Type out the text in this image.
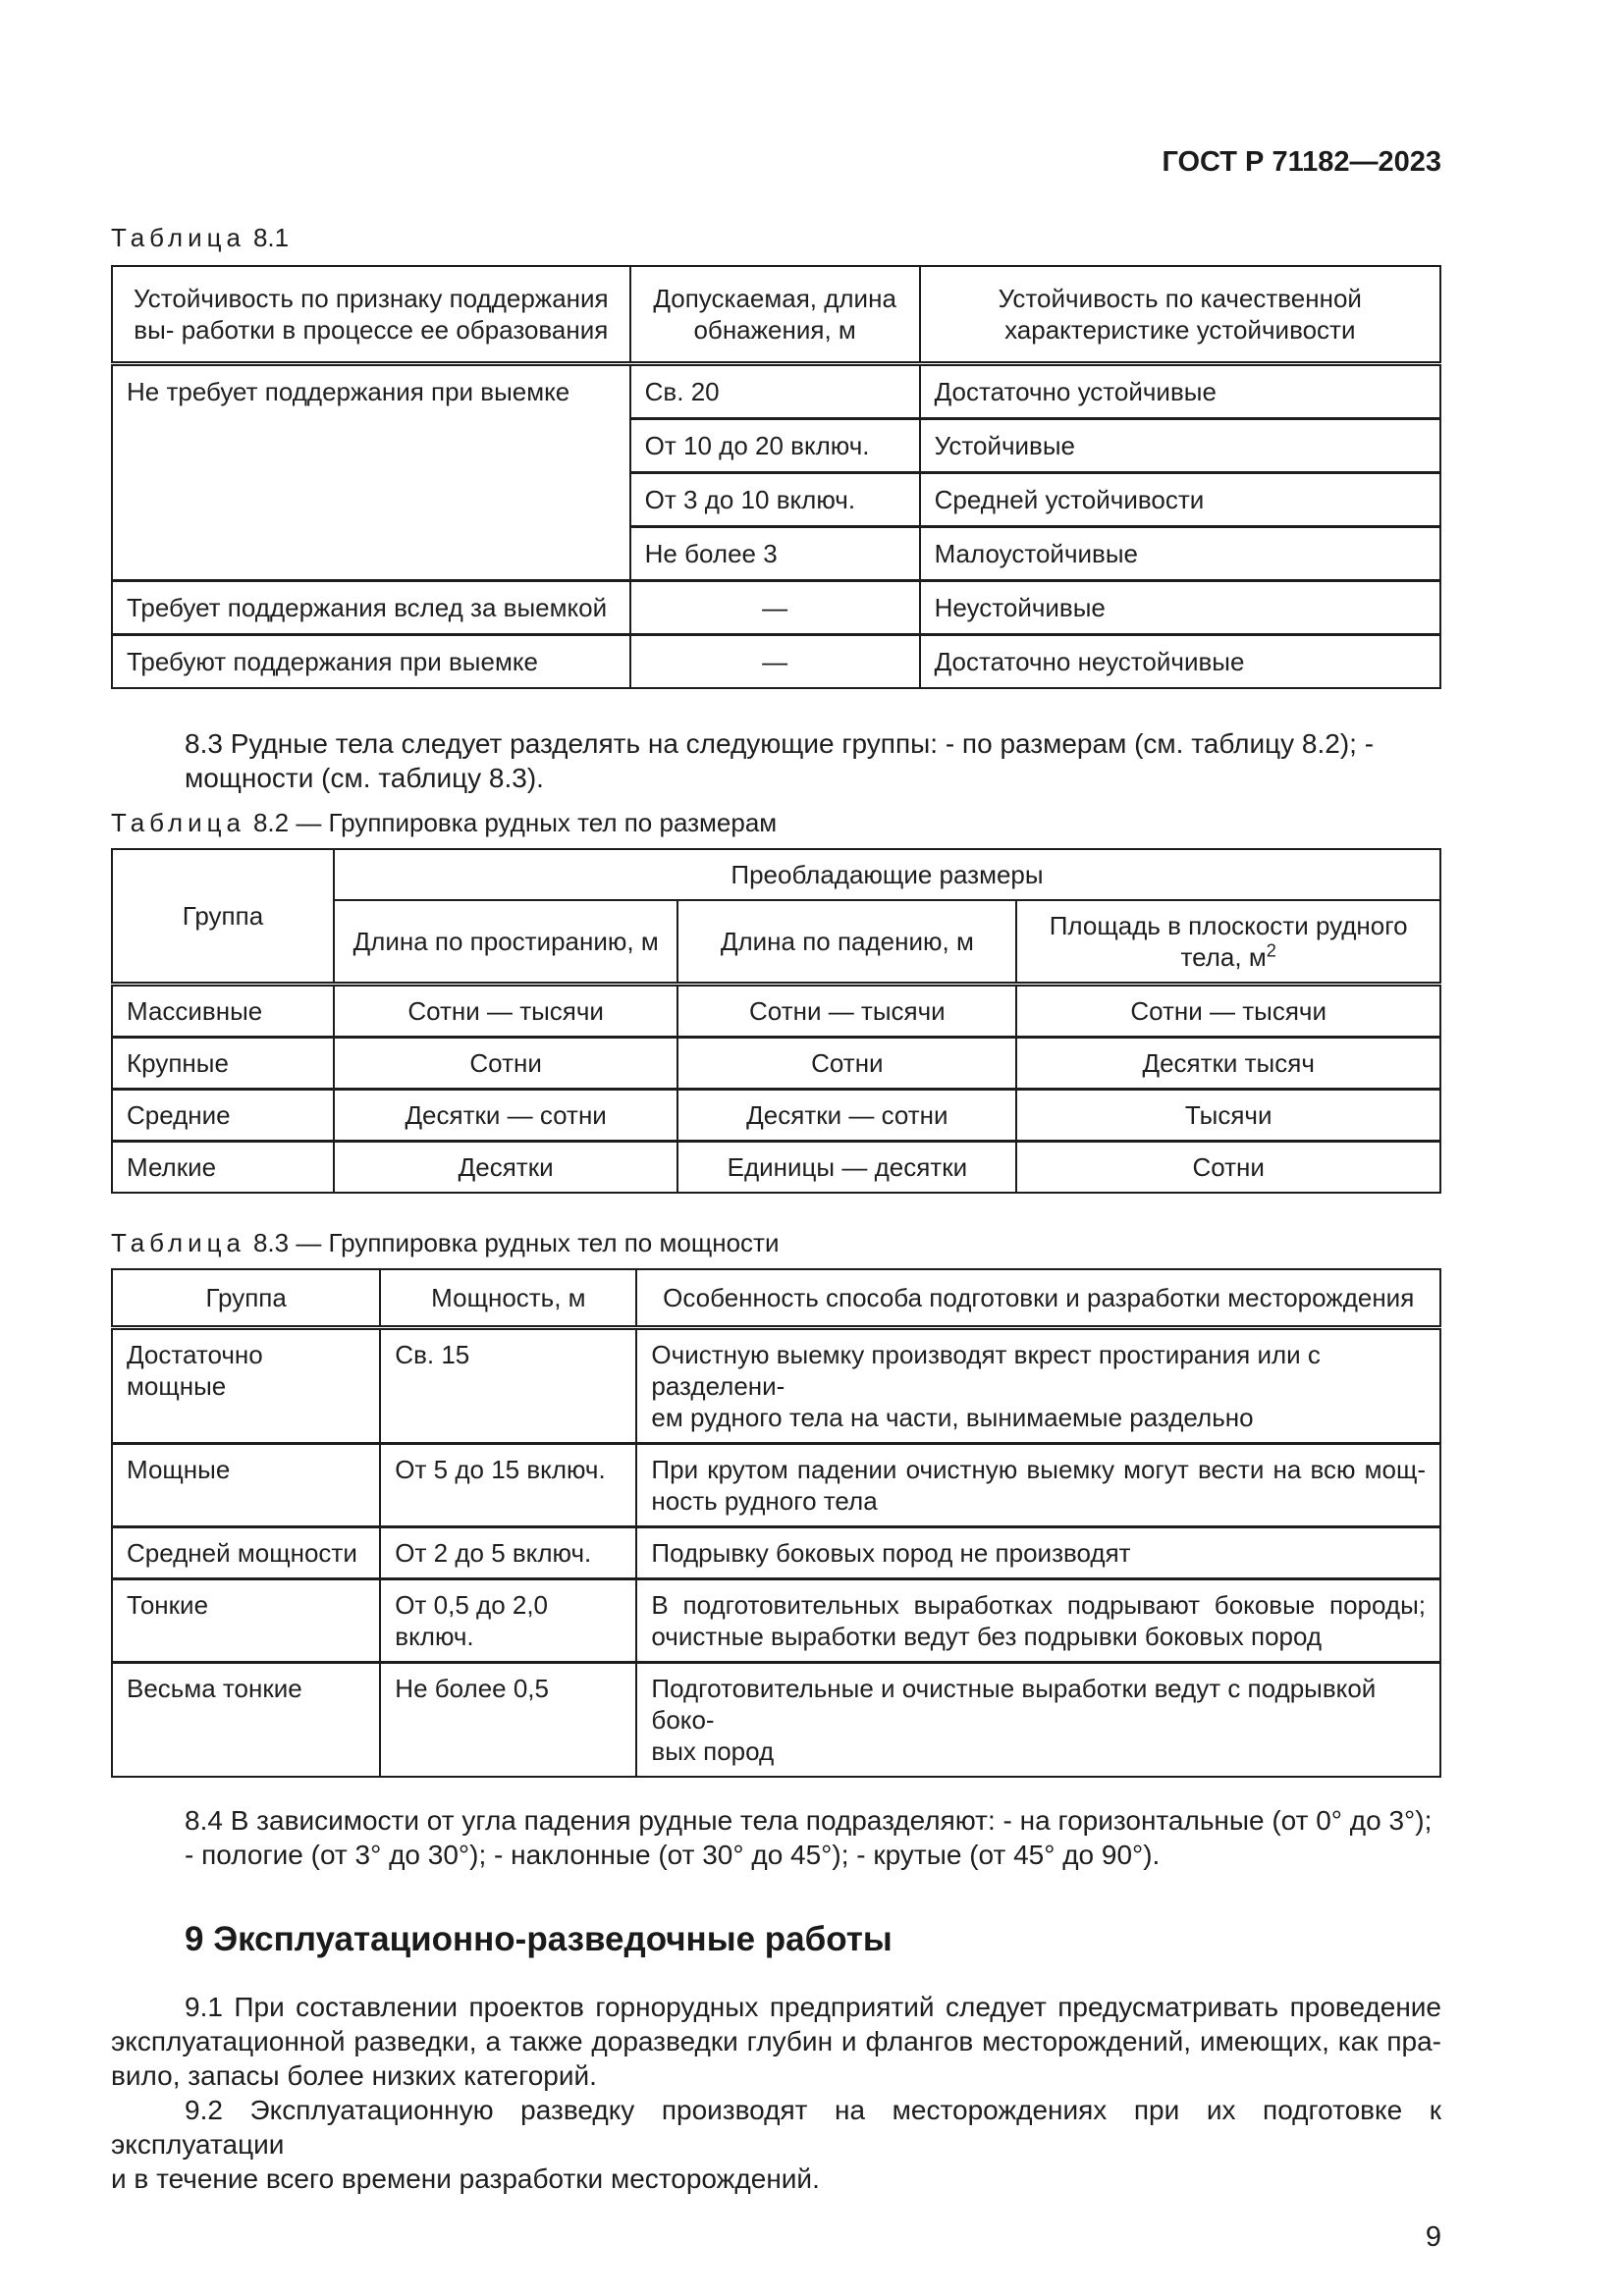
ГОСТ Р 71182—2023
Таблица 8.1
Устойчивость по признаку поддержания вы- работки в процессе ее образования	Допускаемая, длина обнажения, м	Устойчивость по качественной характеристике устойчивости
Не требует поддержания при выемке	Св. 20	Достаточно устойчивые
	От 10 до 20 включ.	Устойчивые
	От 3 до 10 включ.	Средней устойчивости
	Не более 3	Малоустойчивые
Требует поддержания вслед за выемкой	—	Неустойчивые
Требуют поддержания при выемке	—	Достаточно неустойчивые
8.3 Рудные тела следует разделять на следующие группы: - по размерам (см. таблицу 8.2); - мощности (см. таблицу 8.3).
Таблица 8.2 — Группировка рудных тел по размерам
Группа	Преобладающие размеры		
	Длина по простиранию, м	Длина по падению, м	Площадь в плоскости рудного тела, $м^2$
Массивные	Сотни — тысячи	Сотни — тысячи	Сотни — тысячи
Крупные	Сотни	Сотни	Десятки тысяч
Средние	Десятки — сотни	Десятки — сотни	Тысячи
Мелкие	Десятки	Единицы — десятки	Сотни
Таблица 8.3 — Группировка рудных тел по мощности
Группа	Мощность, м	Особенность способа подготовки и разработки месторождения
Достаточно мощные	Св. 15	Очистную выемку производят вкрест простирания или с разделени-
ем рудного тела на части, вынимаемые раздельно

Мощные	От 5 до 15 включ.	При крутом падении очистную выемку могут вести на всю мощ-
ность рудного тела

Средней мощности	От 2 до 5 включ.	Подрывку боковых пород не производят

Тонкие	От 0,5 до 2,0 включ.	В подготовительных выработках подрывают боковые породы;
очистные выработки ведут без подрывки боковых пород

Весьма тонкие	Не более 0,5	Подготовительные и очистные выработки ведут с подрывкой боко-
вых пород
8.4 В зависимости от угла падения рудные тела подразделяют: - на горизонтальные (от 0° до 3°); - пологие (от 3° до 30°); - наклонные (от 30° до 45°); - крутые (от 45° до 90°).
9 Эксплуатационно-разведочные работы
9.1 При составлении проектов горнорудных предприятий следует предусматривать проведение
эксплуатационной разведки, а также доразведки глубин и флангов месторождений, имеющих, как пра-
вило, запасы более низких категорий.
9.2 Эксплуатационную разведку производят на месторождениях при их подготовке к эксплуатации
и в течение всего времени разработки месторождений.
9
